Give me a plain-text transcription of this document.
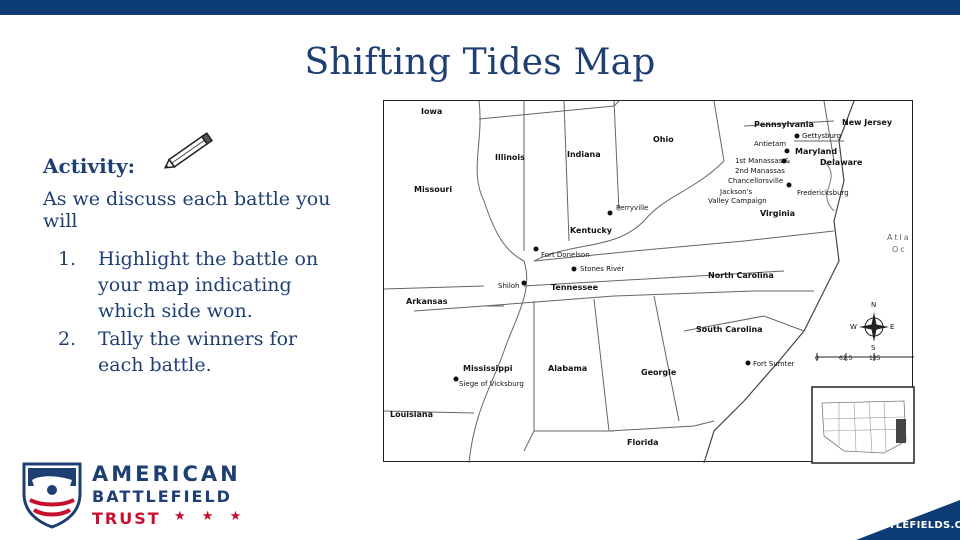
Shifting Tides Map
Activity:
As we discuss each battle you will
1. Highlight the battle on your map indicating which side won.
2. Tally the winners for each battle.
Iowa
Illinois	Indiana
Ohio
Pennsylvania	New Jersey
Maryland
Delaware
Missouri
Kentucky
Virginia
Arkansas
Tennessee
North Carolina
South Carolina
Mississippi	Alabama	Georgie
Louisiana
Florida
Antietam
Gettysburg
1st Manassas &
2nd Manassas
Chancellorsville
Jackson's
Valley Campaign
Fredericksburg
Perryville
Fort Donelson
Stones River
Shiloh
Siege of Vicksburg
Fort Sumter
Atla
Oc
N
S
E
W
0	62.5	125
AMERICAN
BATTLEFIELD
TRUST ★ ★ ★
BATTLEFIELDS.ORG
